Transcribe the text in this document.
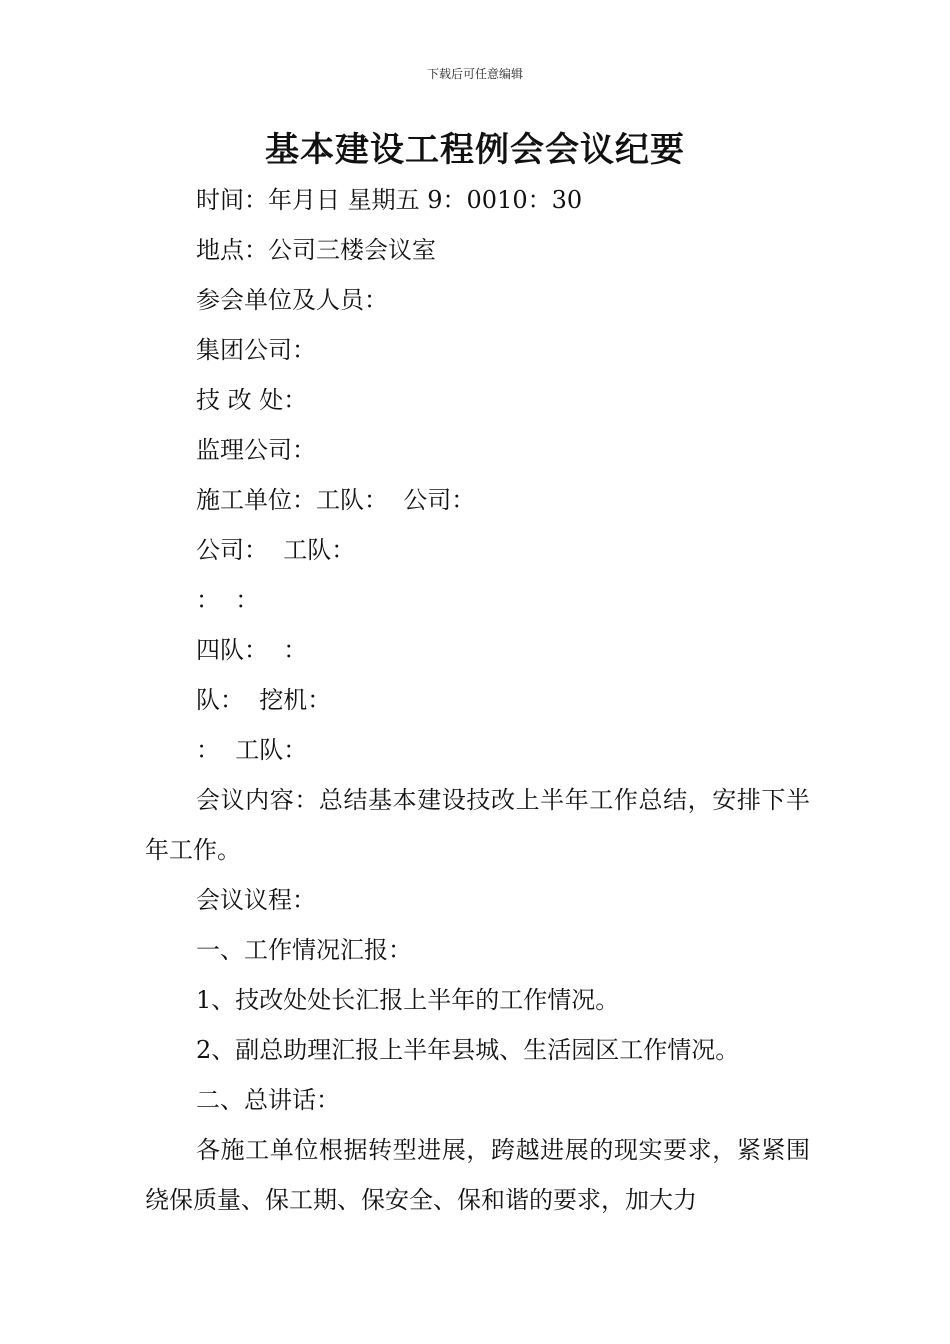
下载后可任意编辑
基本建设工程例会会议纪要
时间：年月日 星期五 9：0010：30
地点：公司三楼会议室
参会单位及人员：
集团公司：
技 改 处：
监理公司：
施工单位：工队：  公司：
公司：  工队：
：  ：
四队：  ：
队：  挖机：
：  工队：
会议内容：总结基本建设技改上半年工作总结，安排下半年工作。
会议议程：
一、工作情况汇报：
1、技改处处长汇报上半年的工作情况。
2、副总助理汇报上半年县城、生活园区工作情况。
二、总讲话：
各施工单位根据转型进展，跨越进展的现实要求，紧紧围绕保质量、保工期、保安全、保和谐的要求，加大力
